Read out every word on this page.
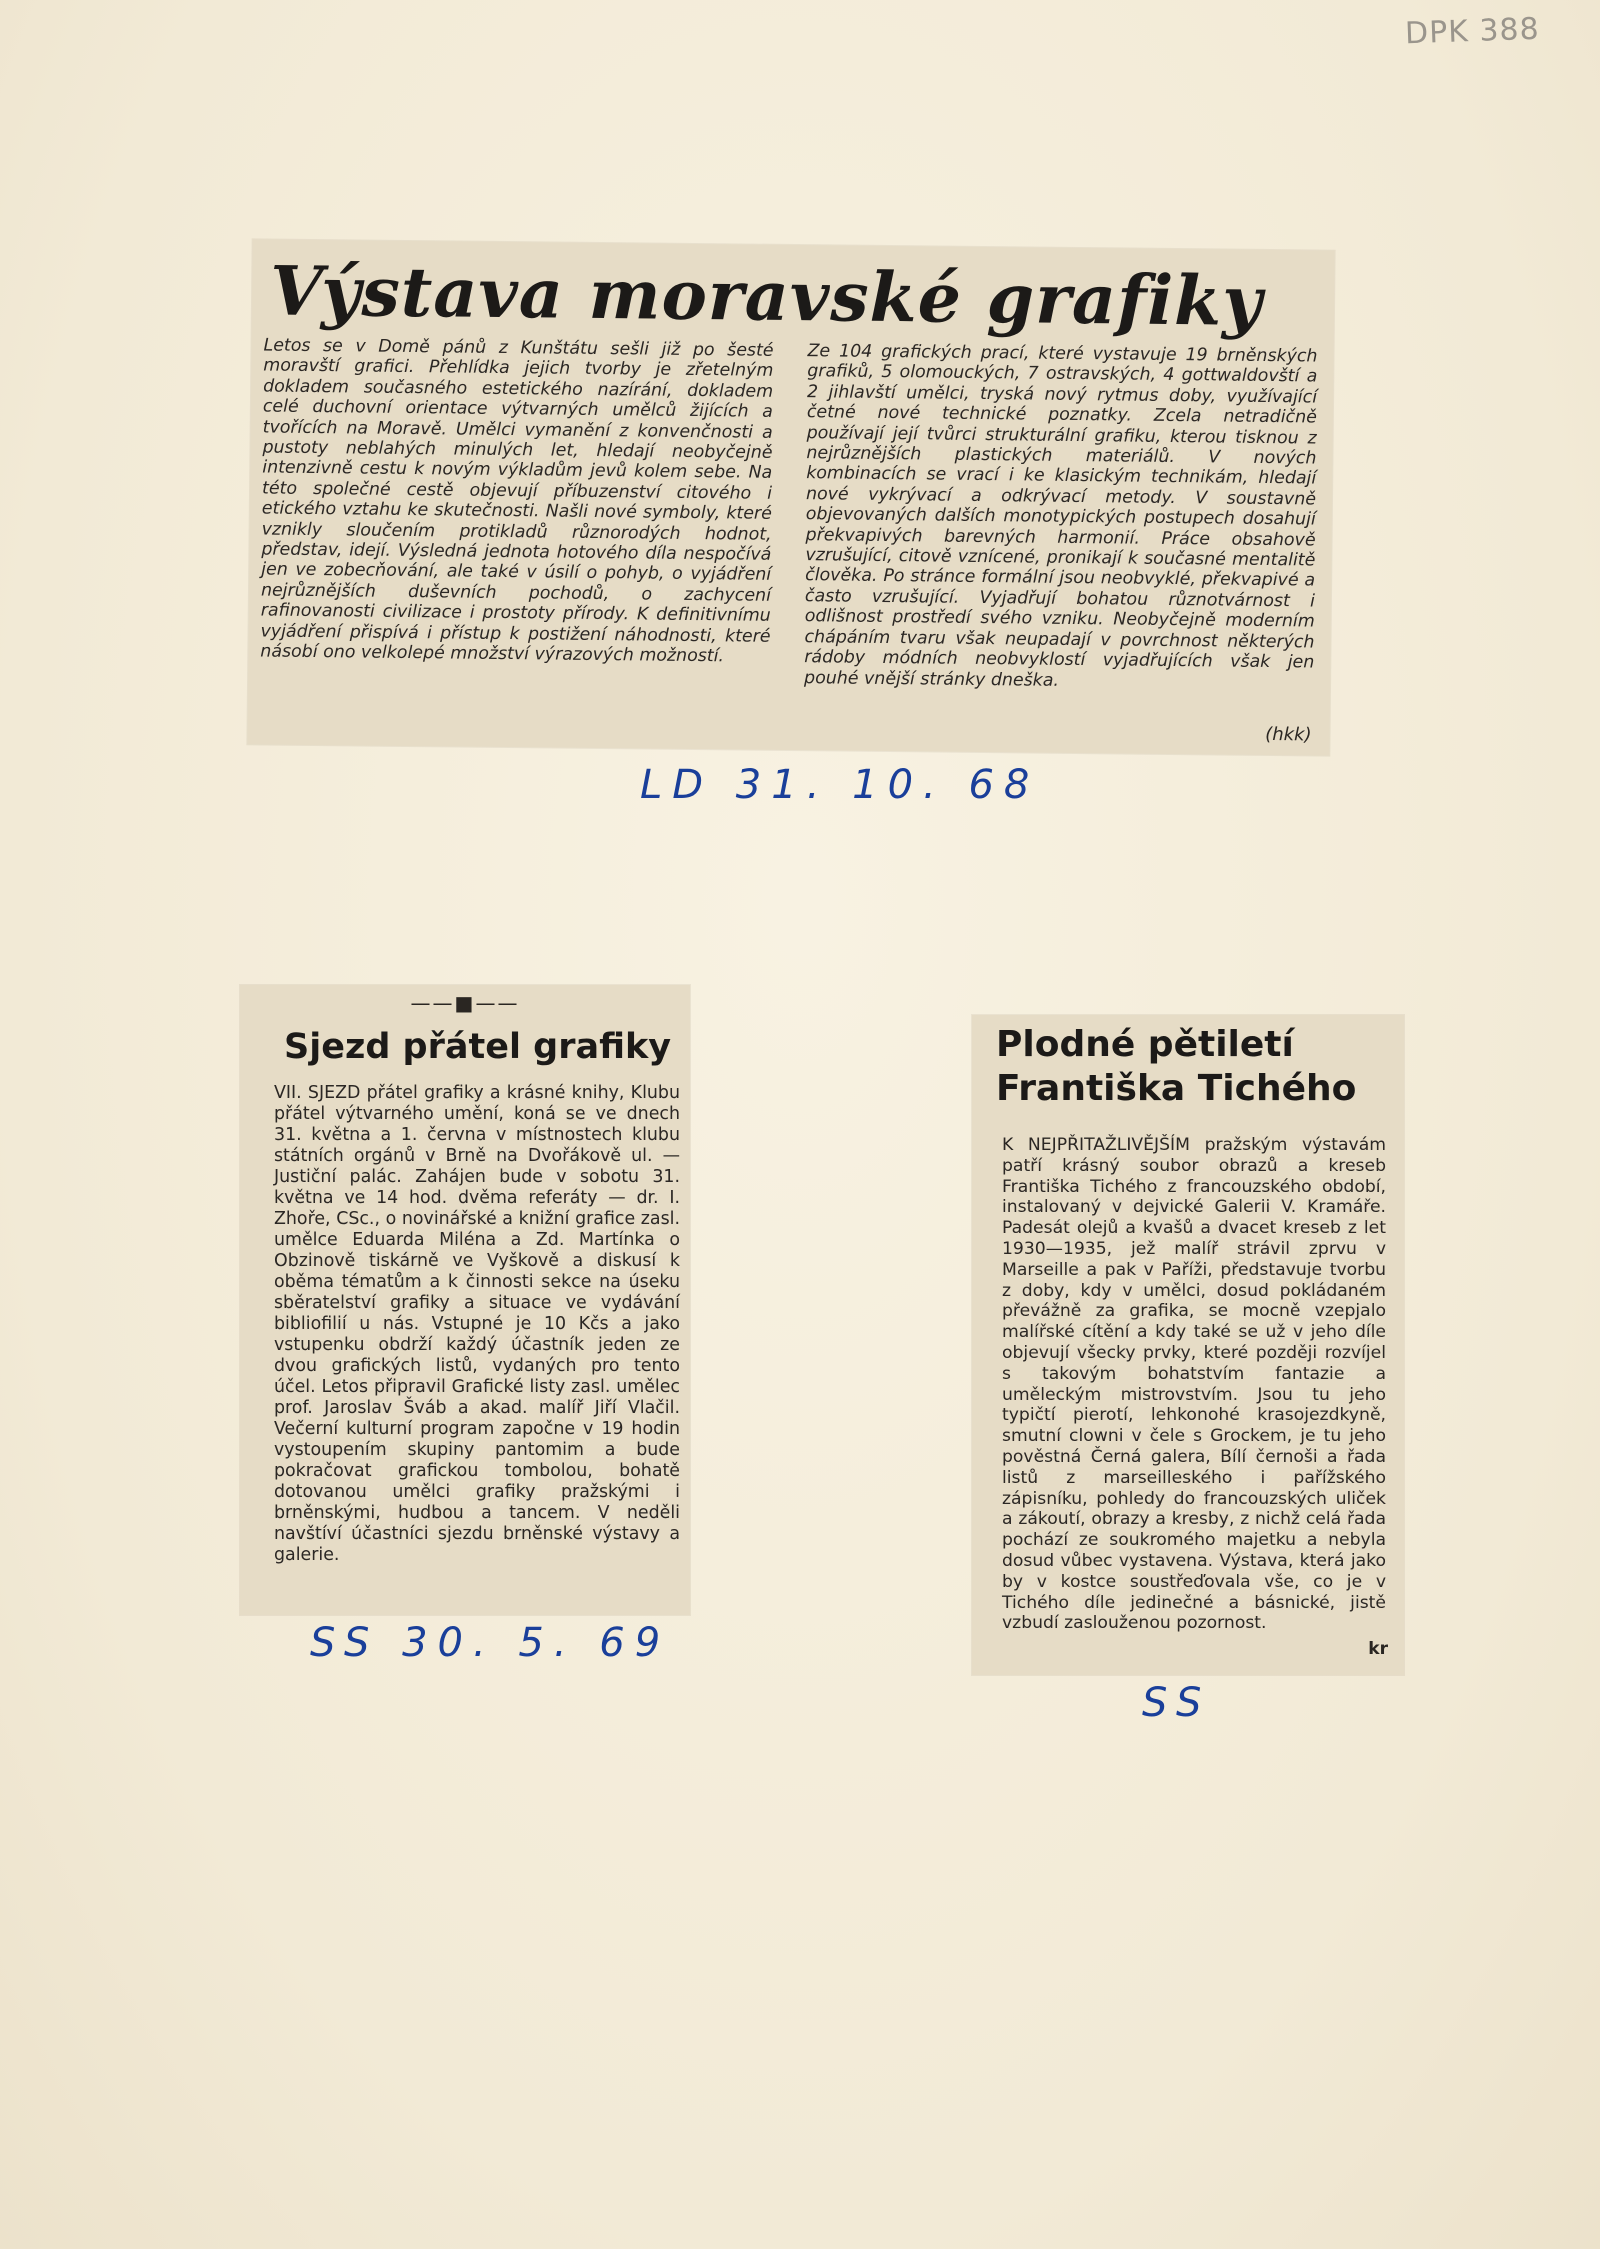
DPK 388
Výstava moravské grafiky
Letos se v Domě pánů z Kunštátu sešli již po šesté moravští grafici. Přehlídka jejich tvorby je zřetelným dokladem současného estetického nazírání, dokladem celé duchovní orientace výtvarných umělců žijících a tvořících na Moravě. Umělci vymanění z konvenčnosti a pustoty neblahých minulých let, hledají neobyčejně intenzivně cestu k novým výkladům jevů kolem sebe. Na této společné cestě objevují příbuzenství citového i etického vztahu ke skutečnosti. Našli nové symboly, které vznikly sloučením protikladů různorodých hodnot, představ, idejí. Výsledná jednota hotového díla nespočívá jen ve zobecňování, ale také v úsilí o pohyb, o vyjádření nejrůznějších duševních pochodů, o zachycení rafinovanosti civilizace i prostoty přírody. K definitivnímu vyjádření přispívá i přístup k postižení náhodnosti, které násobí ono velkolepé množství výrazových možností.
Ze 104 grafických prací, které vystavuje 19 brněnských grafiků, 5 olomouckých, 7 ostravských, 4 gottwaldovští a 2 jihlavští umělci, tryská nový rytmus doby, využívající četné nové technické poznatky. Zcela netradičně používají její tvůrci strukturální grafiku, kterou tisknou z nejrůznějších plastických materiálů. V nových kombinacích se vrací i ke klasickým technikám, hledají nové vykrývací a odkrývací metody. V soustavně objevovaných dalších monotypických postupech dosahují překvapivých barevných harmonií. Práce obsahově vzrušující, citově vznícené, pronikají k současné mentalitě člověka. Po stránce formální jsou neobvyklé, překvapivé a často vzrušující. Vyjadřují bohatou různotvárnost i odlišnost prostředí svého vzniku. Neobyčejně moderním chápáním tvaru však neupadají v povrchnost některých rádoby módních neobvyklostí vyjadřujících však jen pouhé vnější stránky dneška.
(hkk)
LD 31. 10. 68
——■——
Sjezd přátel grafiky
VII. SJEZD přátel grafiky a krásné knihy, Klubu přátel výtvarného umění, koná se ve dnech 31. května a 1. června v místnostech klubu státních orgánů v Brně na Dvořákově ul. — Justiční palác. Zahájen bude v sobotu 31. května ve 14 hod. dvěma referáty — dr. I. Zhoře, CSc., o novinářské a knižní grafice zasl. umělce Eduarda Miléna a Zd. Martínka o Obzinově tiskárně ve Vyškově a diskusí k oběma tématům a k činnosti sekce na úseku sběratelství grafiky a situace ve vydávání bibliofilií u nás. Vstupné je 10 Kčs a jako vstupenku obdrží každý účastník jeden ze dvou grafických listů, vydaných pro tento účel. Letos připravil Grafické listy zasl. umělec prof. Jaroslav Šváb a akad. malíř Jiří Vlačil. Večerní kulturní program započne v 19 hodin vystoupením skupiny pantomim a bude pokračovat grafickou tombolou, bohatě dotovanou umělci grafiky pražskými i brněnskými, hudbou a tancem. V neděli navštíví účastníci sjezdu brněnské výstavy a galerie.
SS 30. 5. 69
Plodné pětiletí Františka Tichého
K NEJPŘITAŽLIVĚJŠÍM pražským výstavám patří krásný soubor obrazů a kreseb Františka Tichého z francouzského období, instalovaný v dejvické Galerii V. Kramáře. Padesát olejů a kvašů a dvacet kreseb z let 1930—1935, jež malíř strávil zprvu v Marseille a pak v Paříži, představuje tvorbu z doby, kdy v umělci, dosud pokládaném převážně za grafika, se mocně vzepjalo malířské cítění a kdy také se už v jeho díle objevují všecky prvky, které později rozvíjel s takovým bohatstvím fantazie a uměleckým mistrovstvím. Jsou tu jeho typičtí pierotí, lehkonohé krasojezdkyně, smutní clowni v čele s Grockem, je tu jeho pověstná Černá galera, Bílí černoši a řada listů z marseilleského i pařížského zápisníku, pohledy do francouzských uliček a zákoutí, obrazy a kresby, z nichž celá řada pochází ze soukromého majetku a nebyla dosud vůbec vystavena. Výstava, která jako by v kostce soustřeďovala vše, co je v Tichého díle jedinečné a básnické, jistě vzbudí zaslouženou pozornost.
kr
SS
